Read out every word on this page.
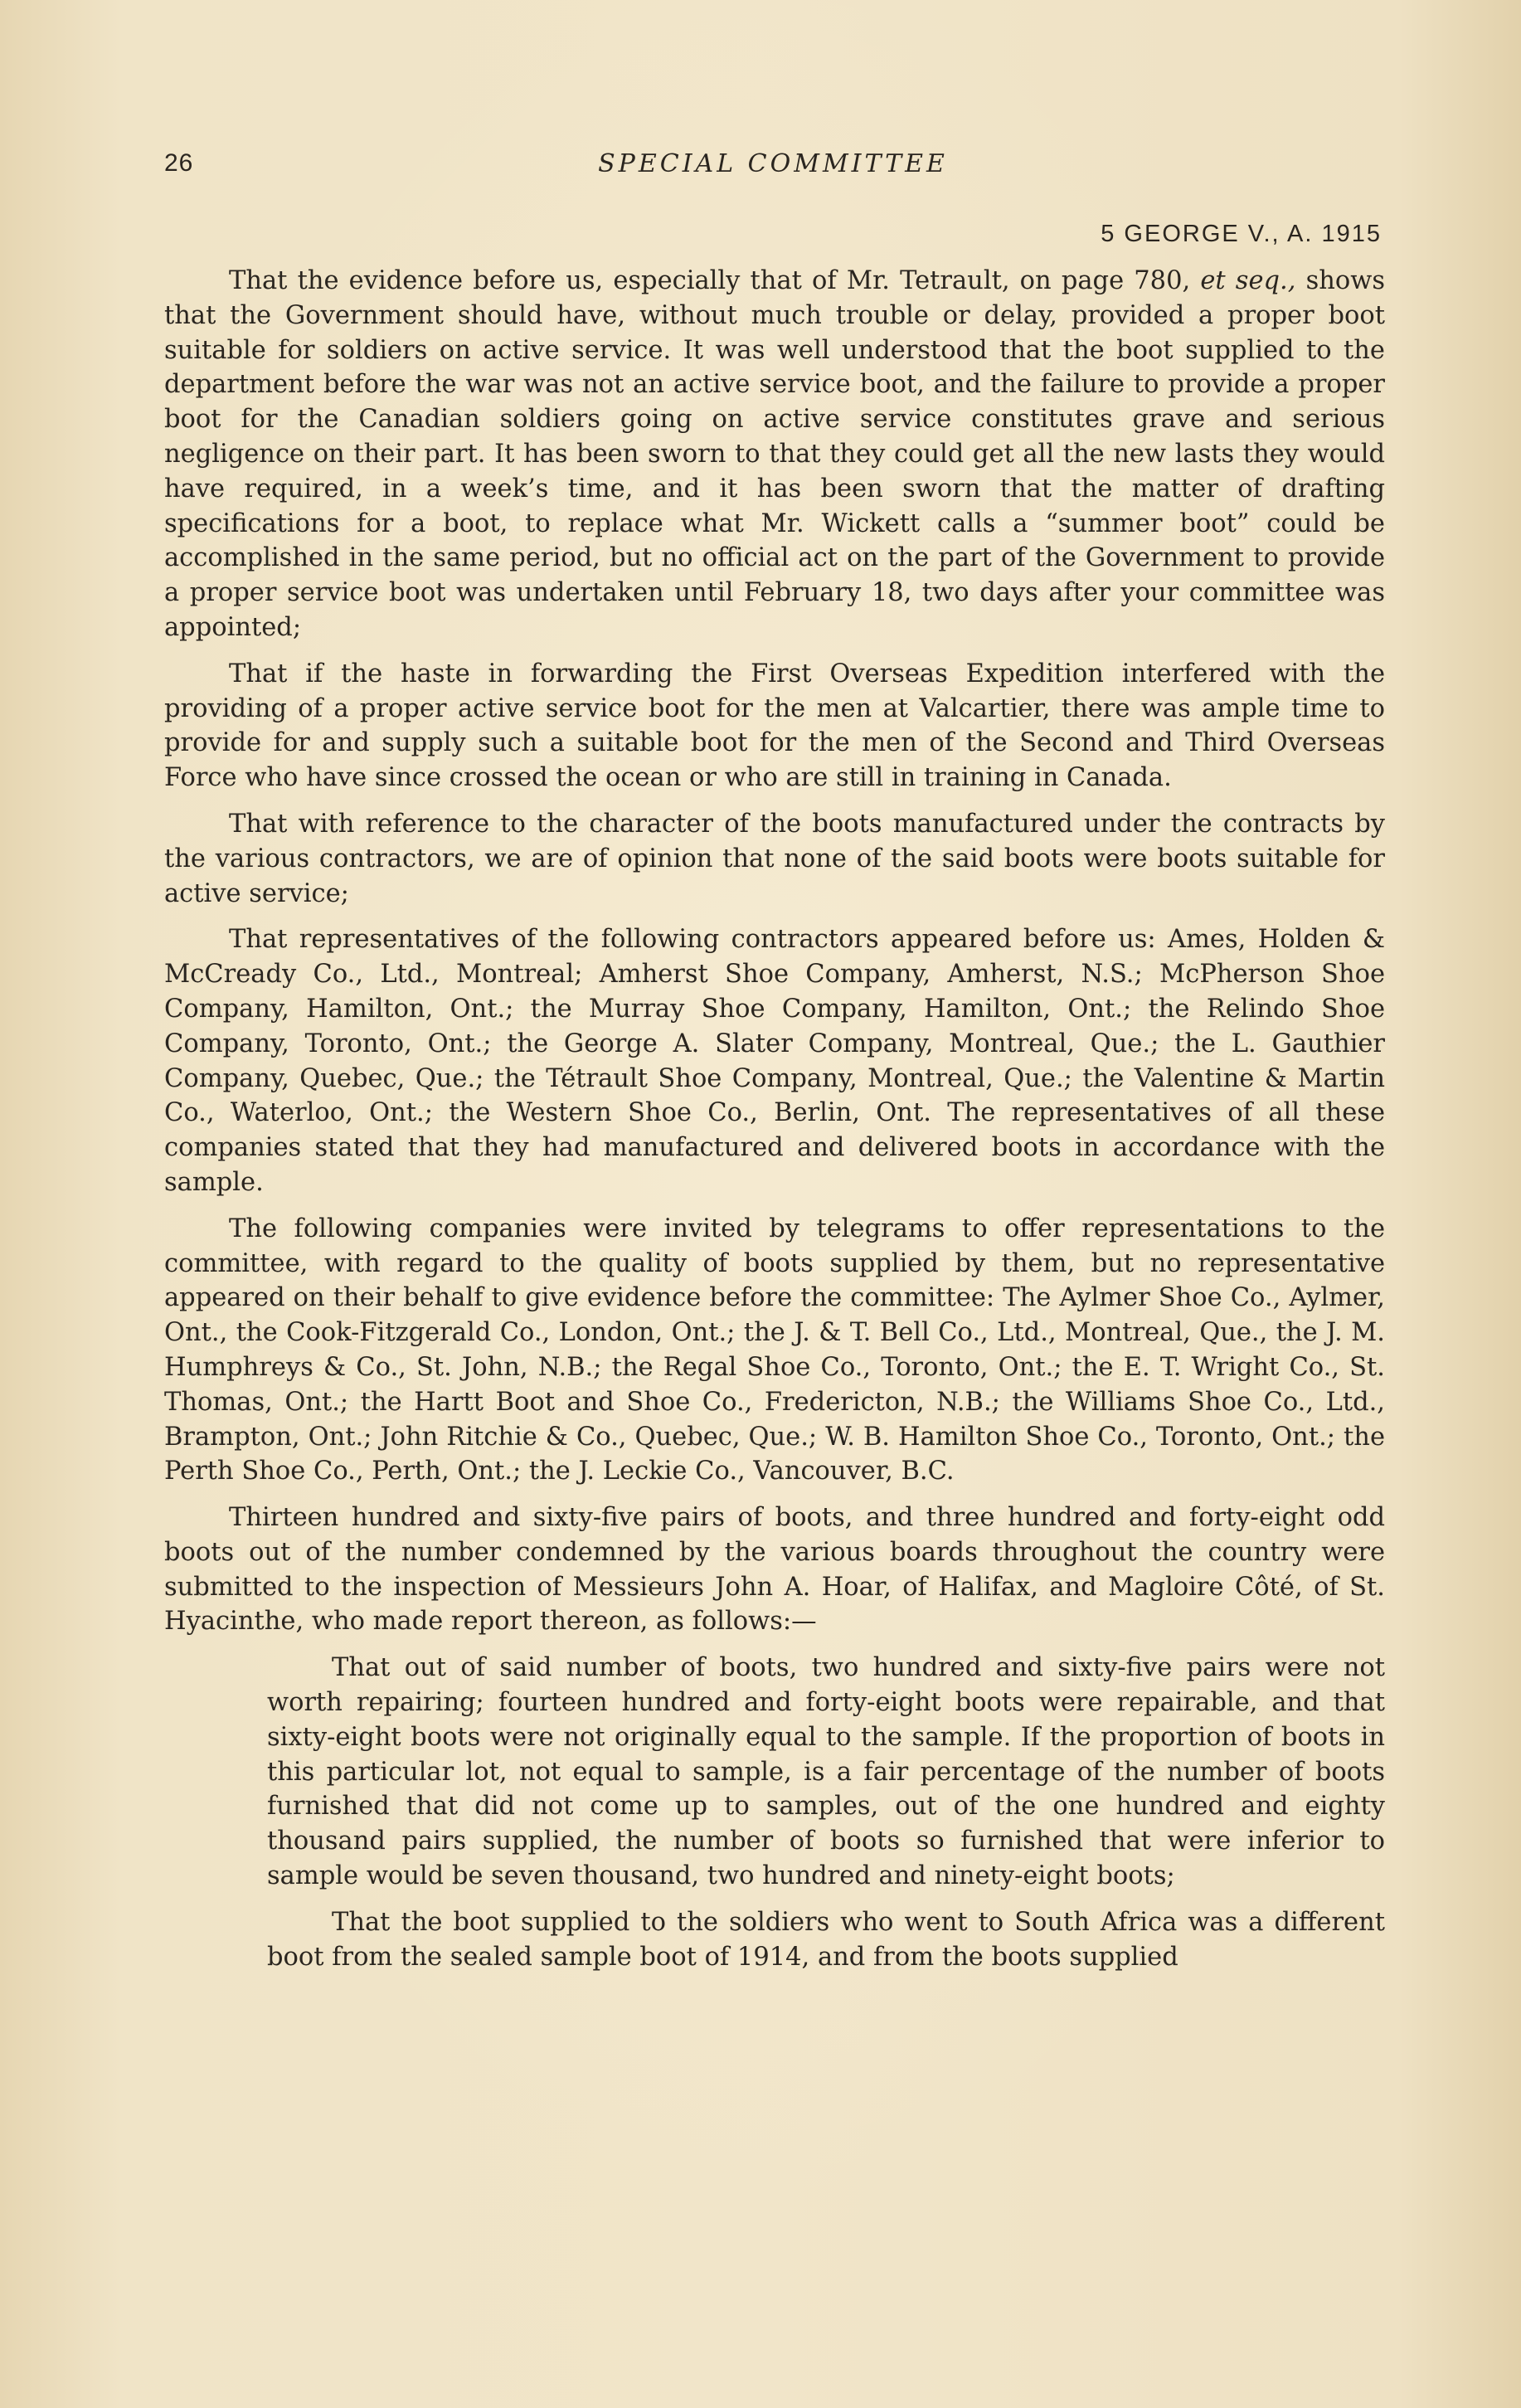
26	SPECIAL COMMITTEE
5 GEORGE V., A. 1915

That the evidence before us, especially that of Mr. Tetrault, on page 780, et seq., shows that the Government should have, without much trouble or delay, provided a proper boot suitable for soldiers on active service. It was well understood that the boot supplied to the department before the war was not an active service boot, and the failure to provide a proper boot for the Canadian soldiers going on active service constitutes grave and serious negligence on their part. It has been sworn to that they could get all the new lasts they would have required, in a week’s time, and it has been sworn that the matter of drafting specifications for a boot, to replace what Mr. Wickett calls a “summer boot” could be accomplished in the same period, but no official act on the part of the Government to provide a proper service boot was undertaken until February 18, two days after your committee was appointed;

That if the haste in forwarding the First Overseas Expedition interfered with the providing of a proper active service boot for the men at Valcartier, there was ample time to provide for and supply such a suitable boot for the men of the Second and Third Overseas Force who have since crossed the ocean or who are still in training in Canada.

That with reference to the character of the boots manufactured under the contracts by the various contractors, we are of opinion that none of the said boots were boots suitable for active service;

That representatives of the following contractors appeared before us: Ames, Holden & McCready Co., Ltd., Montreal; Amherst Shoe Company, Amherst, N.S.; McPherson Shoe Company, Hamilton, Ont.; the Murray Shoe Company, Hamilton, Ont.; the Relindo Shoe Company, Toronto, Ont.; the George A. Slater Company, Montreal, Que.; the L. Gauthier Company, Quebec, Que.; the Tétrault Shoe Company, Montreal, Que.; the Valentine & Martin Co., Waterloo, Ont.; the Western Shoe Co., Berlin, Ont. The representatives of all these companies stated that they had manufactured and delivered boots in accordance with the sample.

The following companies were invited by telegrams to offer representations to the committee, with regard to the quality of boots supplied by them, but no representative appeared on their behalf to give evidence before the committee: The Aylmer Shoe Co., Aylmer, Ont., the Cook-Fitzgerald Co., London, Ont.; the J. & T. Bell Co., Ltd., Montreal, Que., the J. M. Humphreys & Co., St. John, N.B.; the Regal Shoe Co., Toronto, Ont.; the E. T. Wright Co., St. Thomas, Ont.; the Hartt Boot and Shoe Co., Fredericton, N.B.; the Williams Shoe Co., Ltd., Brampton, Ont.; John Ritchie & Co., Quebec, Que.; W. B. Hamilton Shoe Co., Toronto, Ont.; the Perth Shoe Co., Perth, Ont.; the J. Leckie Co., Vancouver, B.C.

Thirteen hundred and sixty-five pairs of boots, and three hundred and forty-eight odd boots out of the number condemned by the various boards throughout the country were submitted to the inspection of Messieurs John A. Hoar, of Halifax, and Magloire Côté, of St. Hyacinthe, who made report thereon, as follows:—

That out of said number of boots, two hundred and sixty-five pairs were not worth repairing; fourteen hundred and forty-eight boots were repairable, and that sixty-eight boots were not originally equal to the sample. If the proportion of boots in this particular lot, not equal to sample, is a fair percentage of the number of boots furnished that did not come up to samples, out of the one hundred and eighty thousand pairs supplied, the number of boots so furnished that were inferior to sample would be seven thousand, two hundred and ninety-eight boots;

That the boot supplied to the soldiers who went to South Africa was a different boot from the sealed sample boot of 1914, and from the boots supplied
